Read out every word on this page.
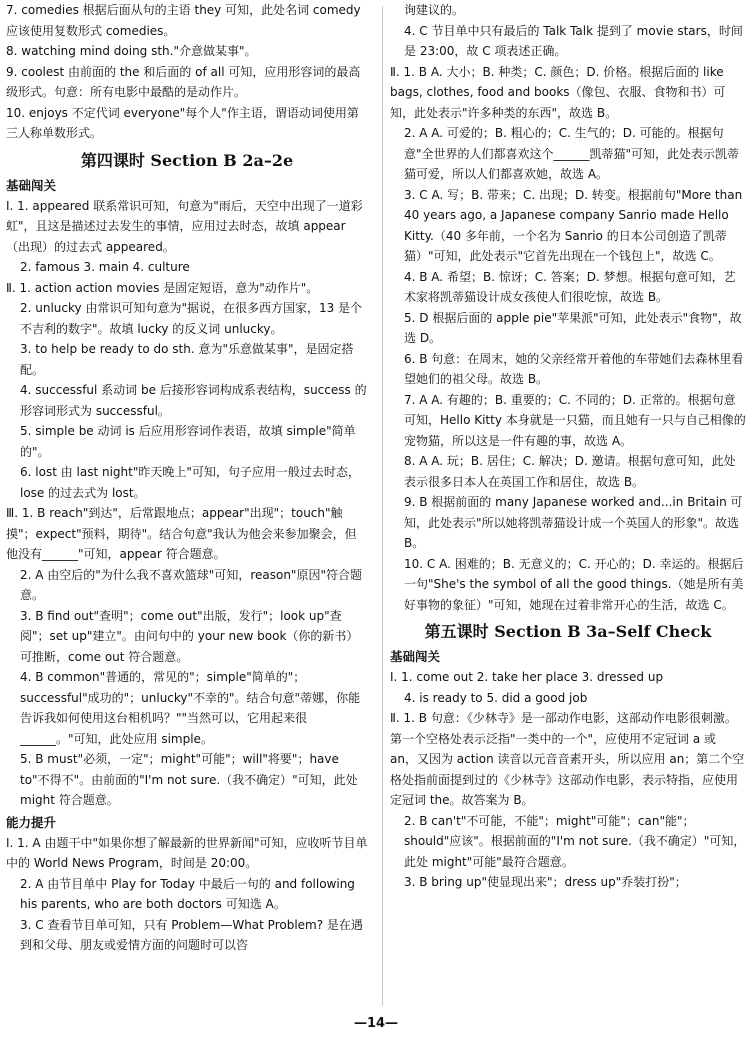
7. comedies 根据后面从句的主语 they 可知，此处名词 comedy 应该使用复数形式 comedies。

8. watching mind doing sth."介意做某事"。

9. coolest 由前面的 the 和后面的 of all 可知，应用形容词的最高级形式。句意：所有电影中最酷的是动作片。

10. enjoys 不定代词 everyone"每个人"作主语，谓语动词使用第三人称单数形式。

第四课时 Section B 2a–2e
基础闯关

Ⅰ. 1. appeared 联系常识可知，句意为"雨后，天空中出现了一道彩虹"，且这是描述过去发生的事情，应用过去时态，故填 appear（出现）的过去式 appeared。

2. famous 3. main 4. culture

Ⅱ. 1. action action movies 是固定短语，意为"动作片"。

2. unlucky 由常识可知句意为"据说，在很多西方国家，13 是个不吉利的数字"。故填 lucky 的反义词 unlucky。

3. to help be ready to do sth. 意为"乐意做某事"，是固定搭配。

4. successful 系动词 be 后接形容词构成系表结构，success 的形容词形式为 successful。

5. simple be 动词 is 后应用形容词作表语，故填 simple"简单的"。

6. lost 由 last night"昨天晚上"可知，句子应用一般过去时态，lose 的过去式为 lost。

Ⅲ. 1. B reach"到达"，后常跟地点；appear"出现"；touch"触摸"；expect"预料，期待"。结合句意"我认为他会来参加聚会，但他没有______"可知，appear 符合题意。

2. A 由空后的"为什么我不喜欢篮球"可知，reason"原因"符合题意。

3. B find out"查明"；come out"出版，发行"；look up"查阅"；set up"建立"。由问句中的 your new book（你的新书）可推断，come out 符合题意。

4. B common"普通的，常见的"；simple"简单的"；successful"成功的"；unlucky"不幸的"。结合句意"蒂娜，你能告诉我如何使用这台相机吗？""当然可以，它用起来很______。"可知，此处应用 simple。

5. B must"必须，一定"；might"可能"；will"将要"；have to"不得不"。由前面的"I'm not sure.（我不确定）"可知，此处 might 符合题意。

能力提升

Ⅰ. 1. A 由题干中"如果你想了解最新的世界新闻"可知，应收听节目单中的 World News Program，时间是 20:00。

2. A 由节目单中 Play for Today 中最后一句的 and following his parents, who are both doctors 可知选 A。

3. C 查看节目单可知，只有 Problem—What Problem? 是在遇到和父母、朋友或爱情方面的问题时可以咨

询建议的。

4. C 节目单中只有最后的 Talk Talk 提到了 movie stars，时间是 23:00，故 C 项表述正确。

Ⅱ. 1. B A. 大小；B. 种类；C. 颜色；D. 价格。根据后面的 like bags, clothes, food and books（像包、衣服、食物和书）可知，此处表示"许多种类的东西"，故选 B。

2. A A. 可爱的；B. 粗心的；C. 生气的；D. 可能的。根据句意"全世界的人们都喜欢这个______凯蒂猫"可知，此处表示凯蒂猫可爱，所以人们都喜欢她，故选 A。

3. C A. 写；B. 带来；C. 出现；D. 转变。根据前句"More than 40 years ago, a Japanese company Sanrio made Hello Kitty.（40 多年前，一个名为 Sanrio 的日本公司创造了凯蒂猫）"可知，此处表示"它首先出现在一个钱包上"，故选 C。

4. B A. 希望；B. 惊讶；C. 答案；D. 梦想。根据句意可知，艺术家将凯蒂猫设计成女孩使人们很吃惊，故选 B。

5. D 根据后面的 apple pie"苹果派"可知，此处表示"食物"，故选 D。

6. B 句意：在周末，她的父亲经常开着他的车带她们去森林里看望她们的祖父母。故选 B。

7. A A. 有趣的；B. 重要的；C. 不同的；D. 正常的。根据句意可知，Hello Kitty 本身就是一只猫，而且她有一只与自己相像的宠物猫，所以这是一件有趣的事，故选 A。

8. A A. 玩；B. 居住；C. 解决；D. 邀请。根据句意可知，此处表示很多日本人在英国工作和居住，故选 B。

9. B 根据前面的 many Japanese worked and...in Britain 可知，此处表示"所以她将凯蒂猫设计成一个英国人的形象"。故选 B。

10. C A. 困难的；B. 无意义的；C. 开心的；D. 幸运的。根据后一句"She's the symbol of all the good things.（她是所有美好事物的象征）"可知，她现在过着非常开心的生活，故选 C。

第五课时 Section B 3a–Self Check
基础闯关

Ⅰ. 1. come out 2. take her place 3. dressed up

4. is ready to 5. did a good job

Ⅱ. 1. B 句意：《少林寺》是一部动作电影，这部动作电影很刺激。第一个空格处表示泛指"一类中的一个"，应使用不定冠词 a 或 an，又因为 action 读音以元音音素开头，所以应用 an；第二个空格处指前面提到过的《少林寺》这部动作电影，表示特指，应使用定冠词 the。故答案为 B。

2. B can't"不可能，不能"；might"可能"；can"能"；should"应该"。根据前面的"I'm not sure.（我不确定）"可知，此处 might"可能"最符合题意。

3. B bring up"使显现出来"；dress up"乔装打扮"；

—14—
